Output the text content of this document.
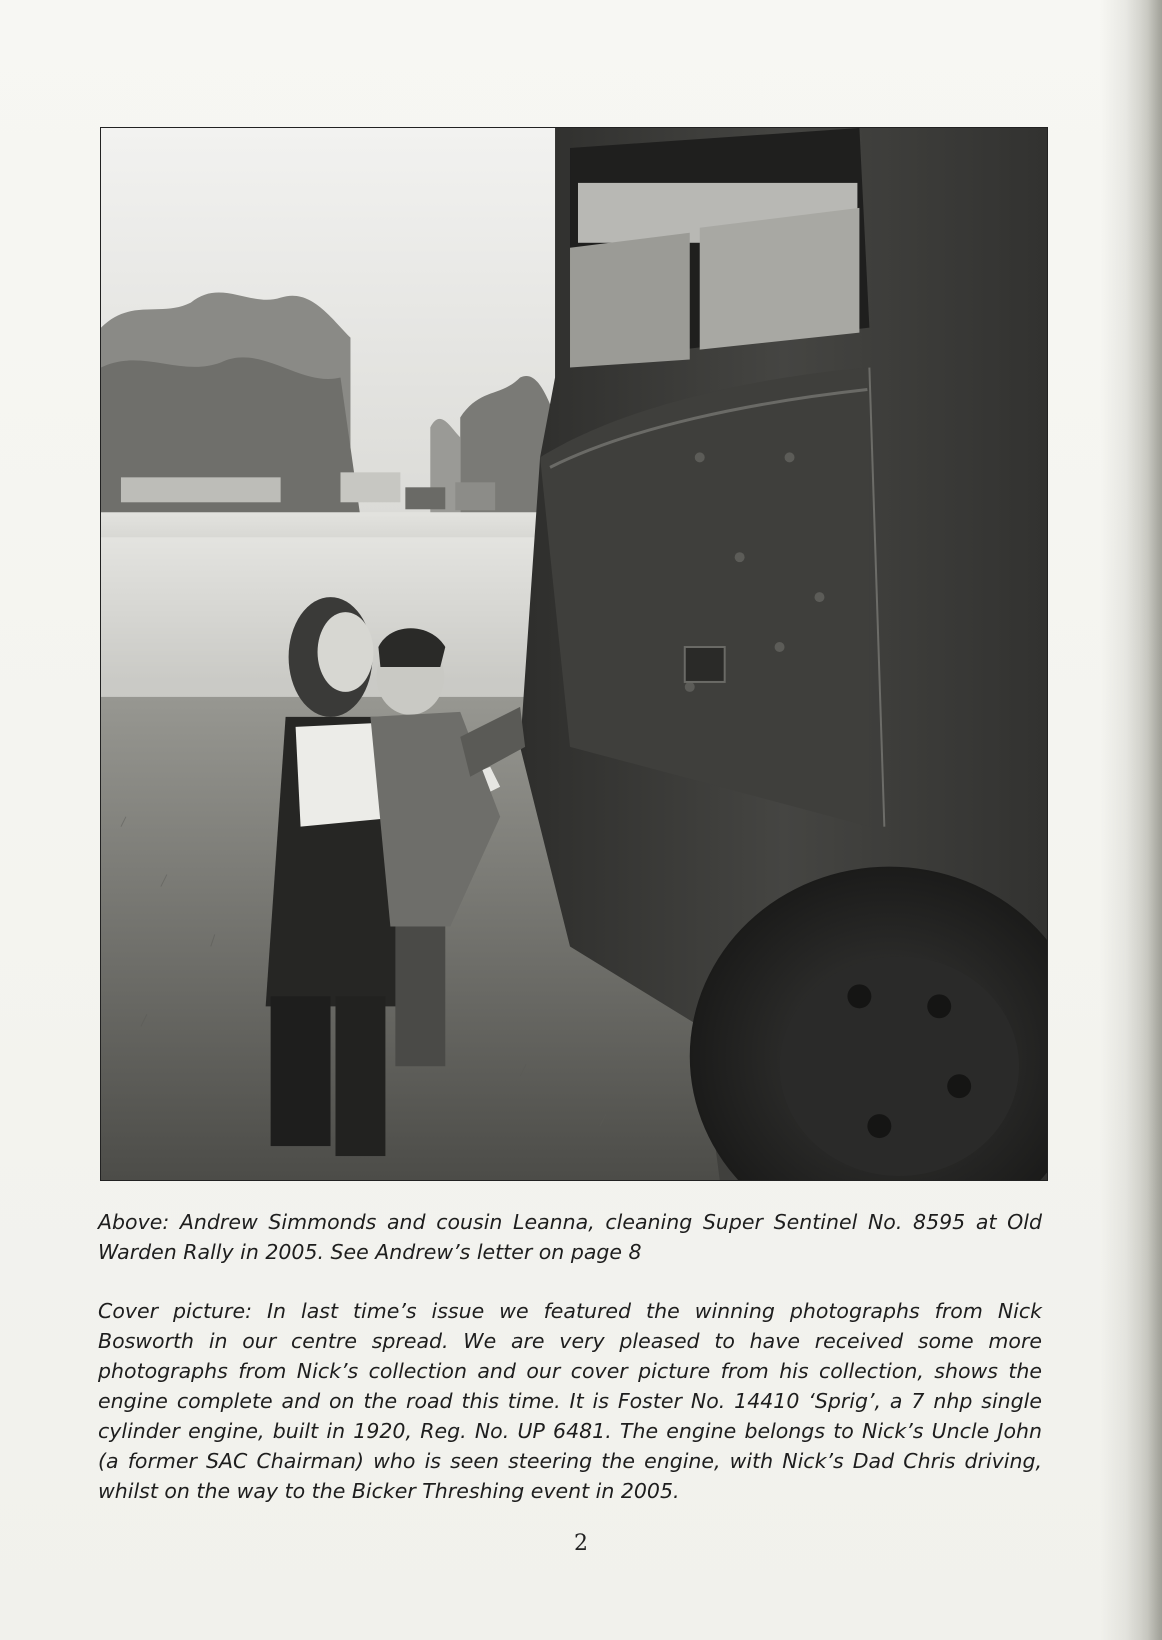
Above: Andrew Simmonds and cousin Leanna, cleaning Super Sentinel No. 8595 at Old Warden Rally in 2005. See Andrew’s letter on page 8

Cover picture: In last time’s issue we featured the winning photographs from Nick Bosworth in our centre spread. We are very pleased to have received some more photographs from Nick’s collection and our cover picture from his collection, shows the engine complete and on the road this time. It is Foster No. 14410 ‘Sprig’, a 7 nhp single cylinder engine, built in 1920, Reg. No. UP 6481. The engine belongs to Nick’s Uncle John (a former SAC Chairman) who is seen steering the engine, with Nick’s Dad Chris driving, whilst on the way to the Bicker Threshing event in 2005.

2
